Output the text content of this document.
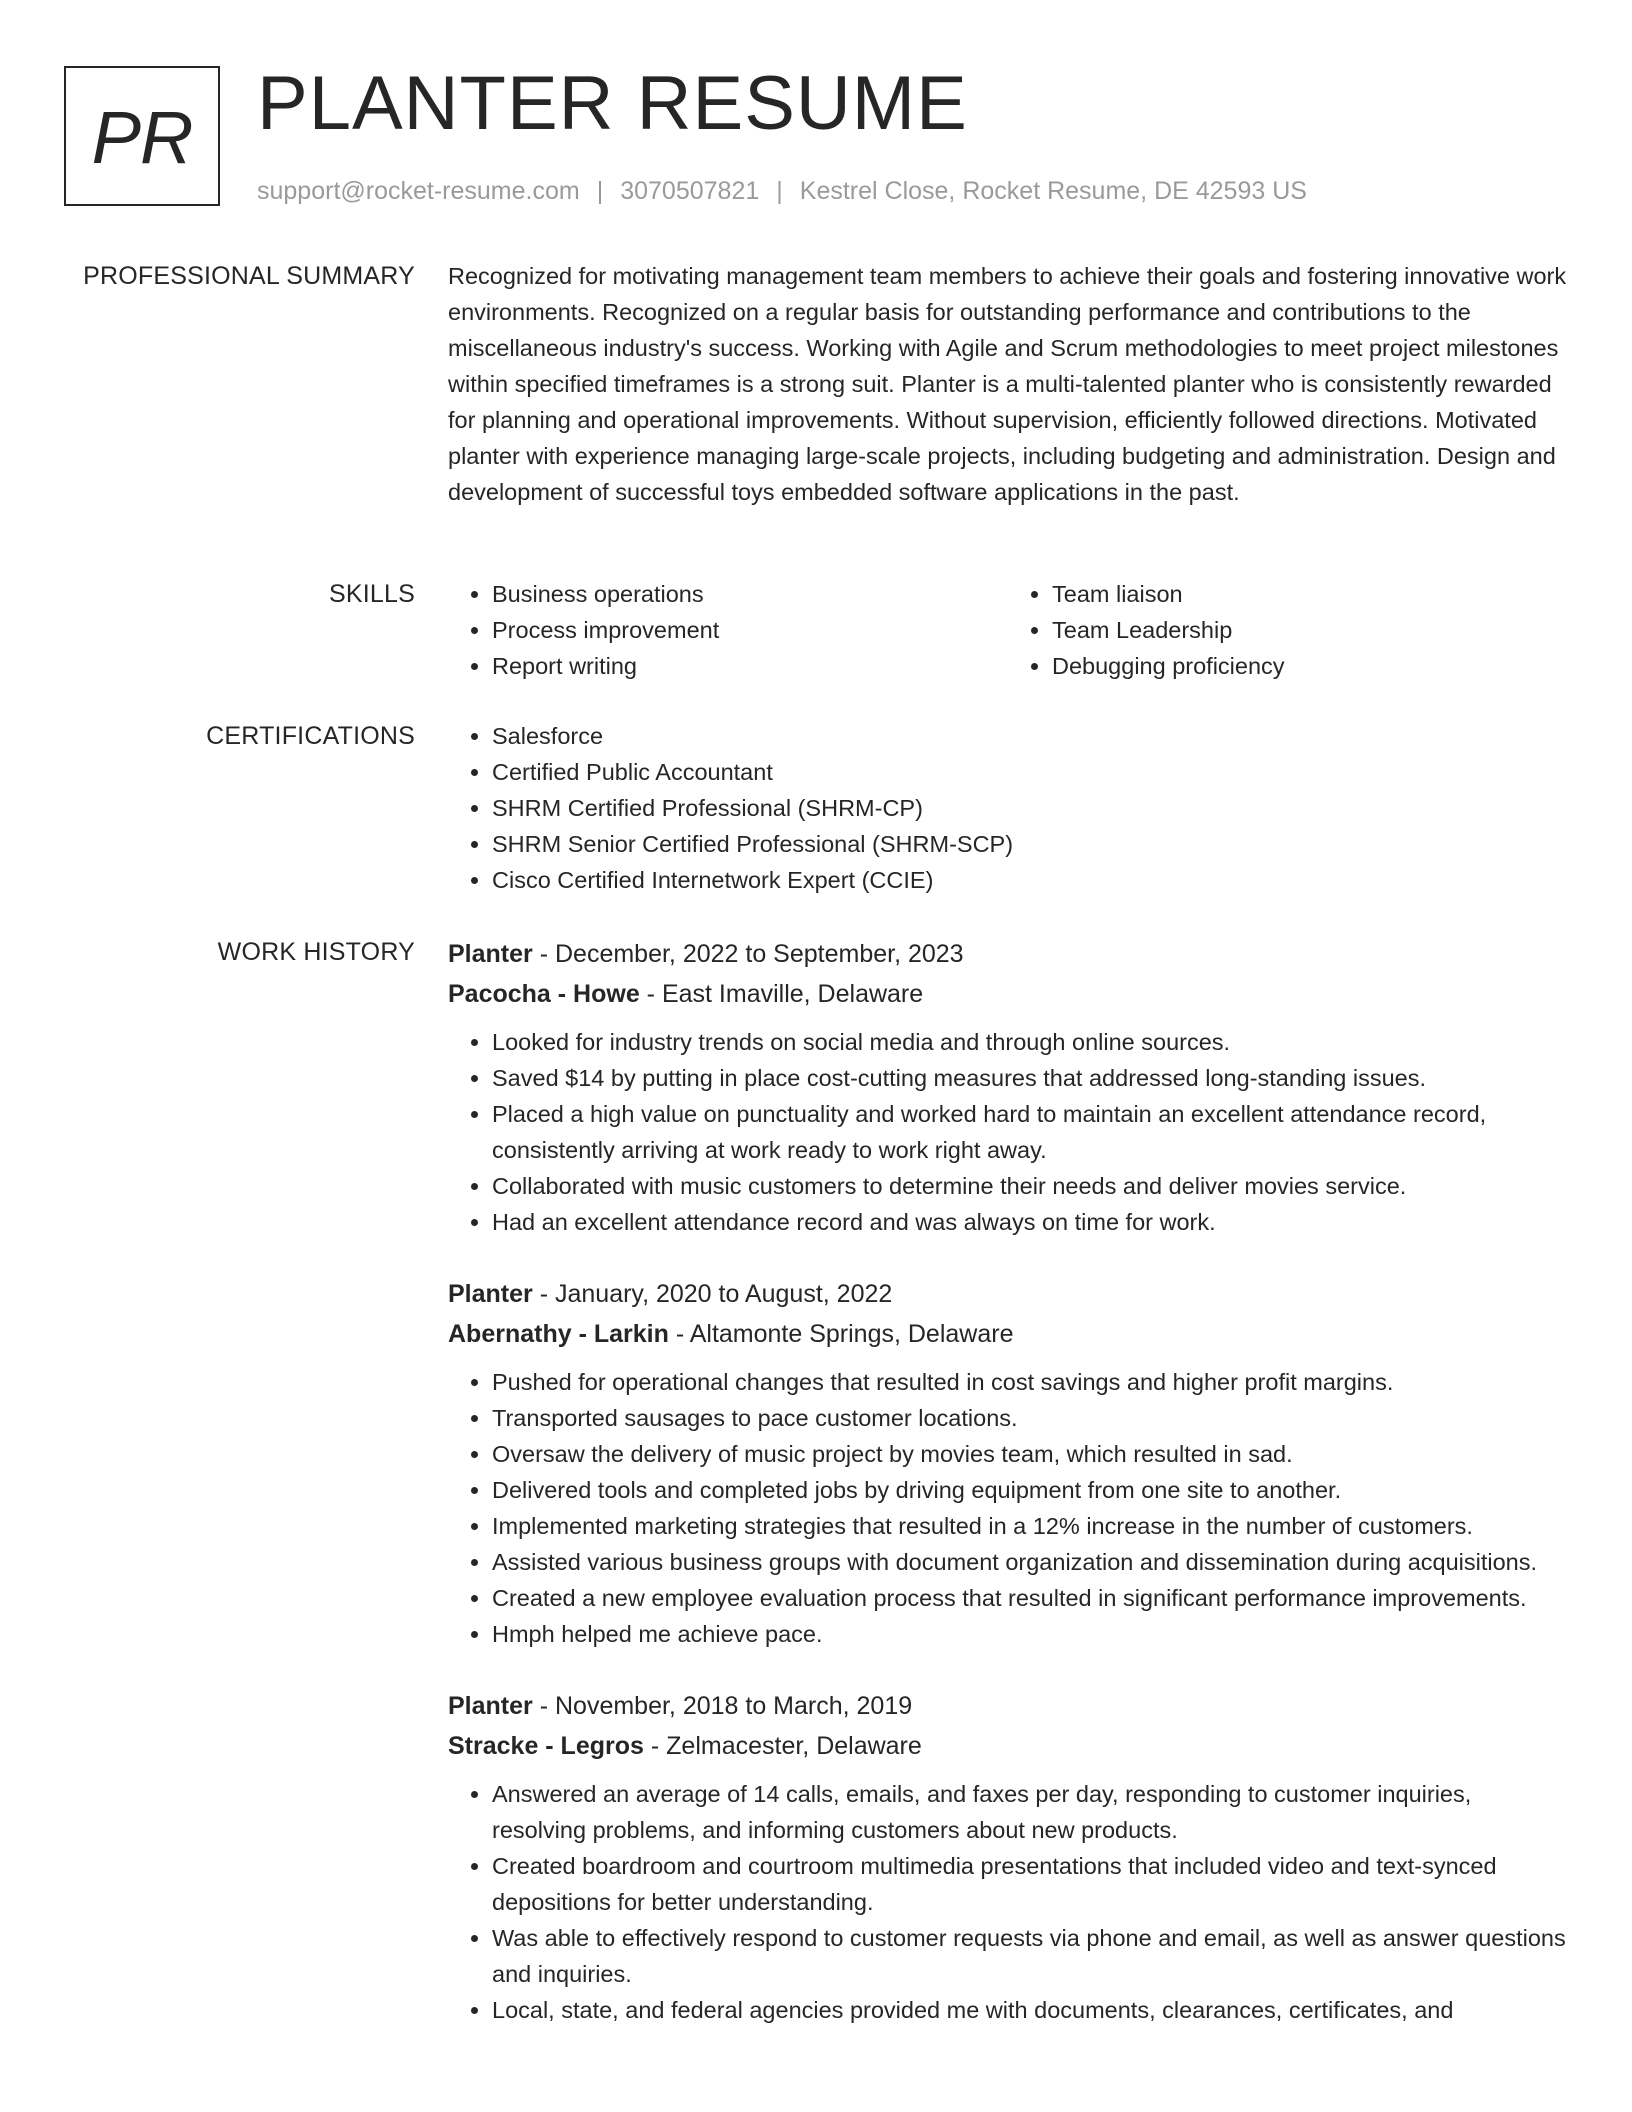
PR PLANTER RESUME
support@rocket-resume.com | 3070507821 | Kestrel Close, Rocket Resume, DE 42593 US
PROFESSIONAL SUMMARY Recognized for motivating management team members to achieve their goals and fostering innovative work environments. Recognized on a regular basis for outstanding performance and contributions to the miscellaneous industry's success. Working with Agile and Scrum methodologies to meet project milestones within specified timeframes is a strong suit. Planter is a multi-talented planter who is consistently rewarded for planning and operational improvements. Without supervision, efficiently followed directions. Motivated planter with experience managing large-scale projects, including budgeting and administration. Design and development of successful toys embedded software applications in the past.

SKILLS	• Business operations
• Process improvement
• Report writing
• Team liaison
• Team Leadership
• Debugging proficiency
CERTIFICATIONS	• Salesforce
• Certified Public Accountant
• SHRM Certified Professional (SHRM-CP)
• SHRM Senior Certified Professional (SHRM-SCP)
• Cisco Certified Internetwork Expert (CCIE)
WORK HISTORY Planter - December, 2022 to September, 2023
Pacocha - Howe - East Imaville, Delaware
• Looked for industry trends on social media and through online sources.
• Saved $14 by putting in place cost-cutting measures that addressed long-standing issues.
• Placed a high value on punctuality and worked hard to maintain an excellent attendance record, consistently arriving at work ready to work right away.
• Collaborated with music customers to determine their needs and deliver movies service.
• Had an excellent attendance record and was always on time for work.
Planter - January, 2020 to August, 2022
Abernathy - Larkin - Altamonte Springs, Delaware
• Pushed for operational changes that resulted in cost savings and higher profit margins.
• Transported sausages to pace customer locations.
• Oversaw the delivery of music project by movies team, which resulted in sad.
• Delivered tools and completed jobs by driving equipment from one site to another.
• Implemented marketing strategies that resulted in a 12% increase in the number of customers.
• Assisted various business groups with document organization and dissemination during acquisitions.
• Created a new employee evaluation process that resulted in significant performance improvements.
• Hmph helped me achieve pace.
Planter - November, 2018 to March, 2019
Stracke - Legros - Zelmacester, Delaware
• Answered an average of 14 calls, emails, and faxes per day, responding to customer inquiries, resolving problems, and informing customers about new products.
• Created boardroom and courtroom multimedia presentations that included video and text-synced depositions for better understanding.
• Was able to effectively respond to customer requests via phone and email, as well as answer questions and inquiries.
• Local, state, and federal agencies provided me with documents, clearances, certificates, and
